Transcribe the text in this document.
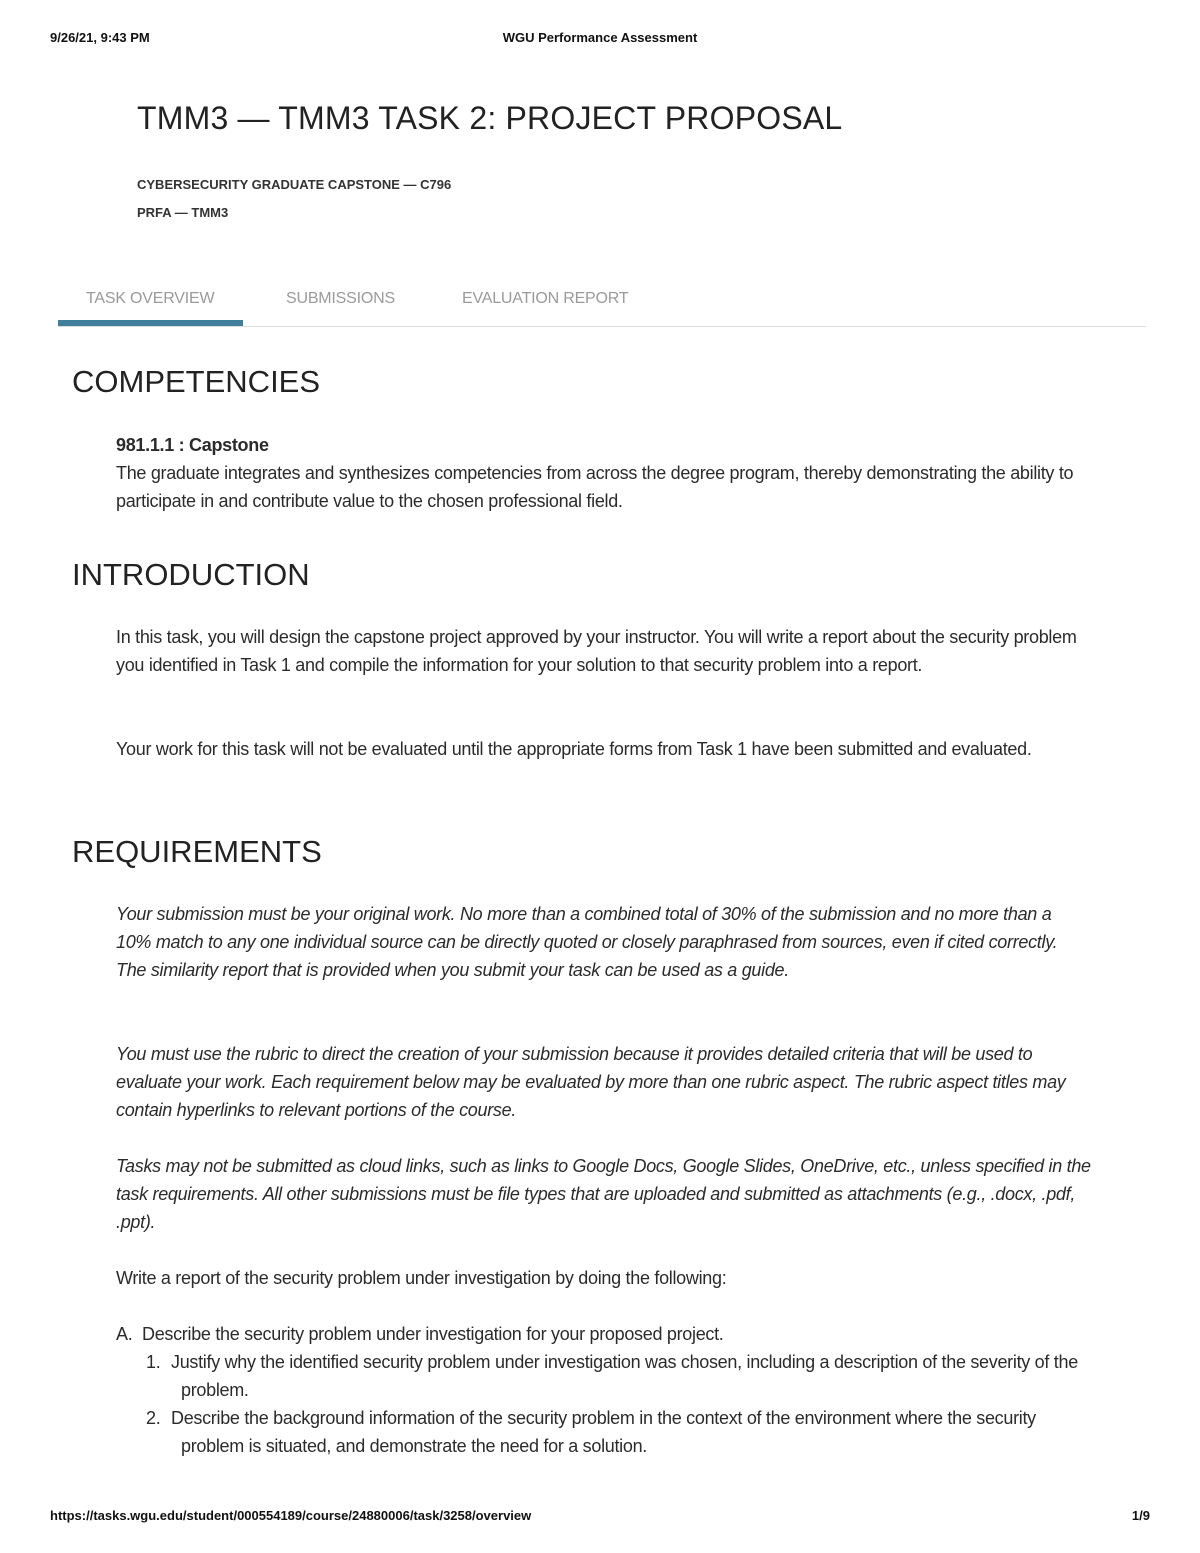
9/26/21, 9:43 PM	WGU Performance Assessment
TMM3 — TMM3 TASK 2: PROJECT PROPOSAL
CYBERSECURITY GRADUATE CAPSTONE — C796
PRFA — TMM3
TASK OVERVIEW	SUBMISSIONS	EVALUATION REPORT
COMPETENCIES

981.1.1 : Capstone

The graduate integrates and synthesizes competencies from across the degree program, thereby demonstrating the ability to participate in and contribute value to the chosen professional field.

INTRODUCTION

In this task, you will design the capstone project approved by your instructor. You will write a report about the security problem you identified in Task 1 and compile the information for your solution to that security problem into a report.

Your work for this task will not be evaluated until the appropriate forms from Task 1 have been submitted and evaluated.

REQUIREMENTS

Your submission must be your original work. No more than a combined total of 30% of the submission and no more than a 10% match to any one individual source can be directly quoted or closely paraphrased from sources, even if cited correctly. The similarity report that is provided when you submit your task can be used as a guide.

You must use the rubric to direct the creation of your submission because it provides detailed criteria that will be used to evaluate your work. Each requirement below may be evaluated by more than one rubric aspect. The rubric aspect titles may contain hyperlinks to relevant portions of the course.

Tasks may not be submitted as cloud links, such as links to Google Docs, Google Slides, OneDrive, etc., unless specified in the task requirements. All other submissions must be file types that are uploaded and submitted as attachments (e.g., .docx, .pdf, .ppt).

Write a report of the security problem under investigation by doing the following:

A. Describe the security problem under investigation for your proposed project.
1. Justify why the identified security problem under investigation was chosen, including a description of the severity of the problem.
2. Describe the background information of the security problem in the context of the environment where the security problem is situated, and demonstrate the need for a solution.
https://tasks.wgu.edu/student/000554189/course/24880006/task/3258/overview	1/9
